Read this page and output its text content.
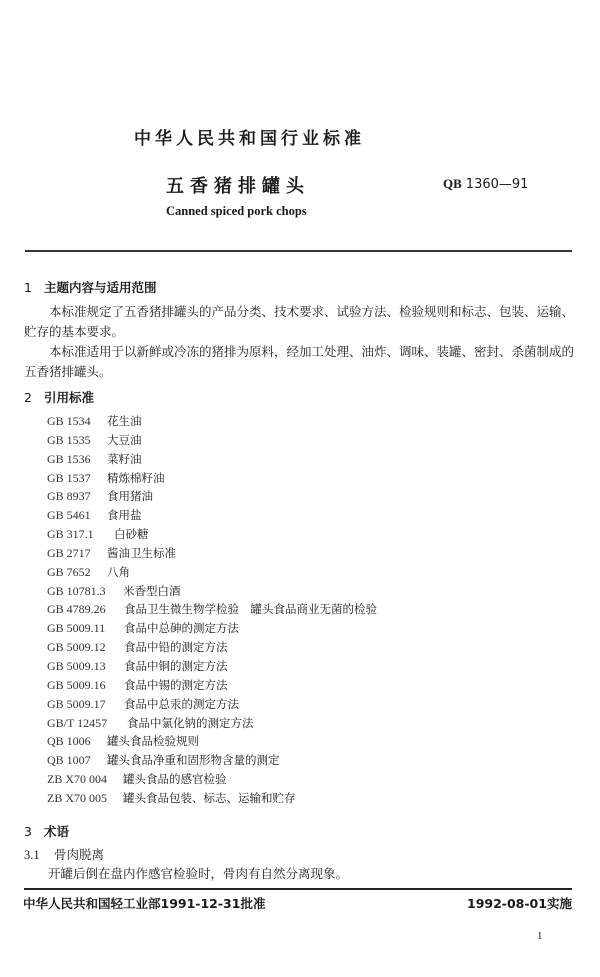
中华人民共和国行业标准
五香猪排罐头	QB 1360—91
Canned spiced pork chops
1 主题内容与适用范围
本标准规定了五香猪排罐头的产品分类、技术要求、试验方法、检验规则和标志、包装、运输、贮存的基本要求。
本标准适用于以新鲜或冷冻的猪排为原料，经加工处理、油炸、调味、装罐、密封、杀菌制成的五香猪排罐头。
2 引用标准
GB 1534	花生油
GB 1535	大豆油
GB 1536	菜籽油
GB 1537	精炼棉籽油
GB 8937	食用猪油
GB 5461	食用盐
GB 317.1	白砂糖
GB 2717	酱油卫生标准
GB 7652	八角
GB 10781.3	米香型白酒
GB 4789.26	食品卫生微生物学检验　罐头食品商业无菌的检验
GB 5009.11	食品中总砷的测定方法
GB 5009.12	食品中铅的测定方法
GB 5009.13	食品中铜的测定方法
GB 5009.16	食品中锡的测定方法
GB 5009.17	食品中总汞的测定方法
GB/T 12457	食品中氯化钠的测定方法
QB 1006	罐头食品检验规则
QB 1007	罐头食品净重和固形物含量的测定
ZB X70 004	罐头食品的感官检验
ZB X70 005	罐头食品包装、标志、运输和贮存
3 术语
3.1 骨肉脱离
开罐后倒在盘内作感官检验时，骨肉有自然分离现象。
中华人民共和国轻工业部1991-12-31批准	1992-08-01实施
1
